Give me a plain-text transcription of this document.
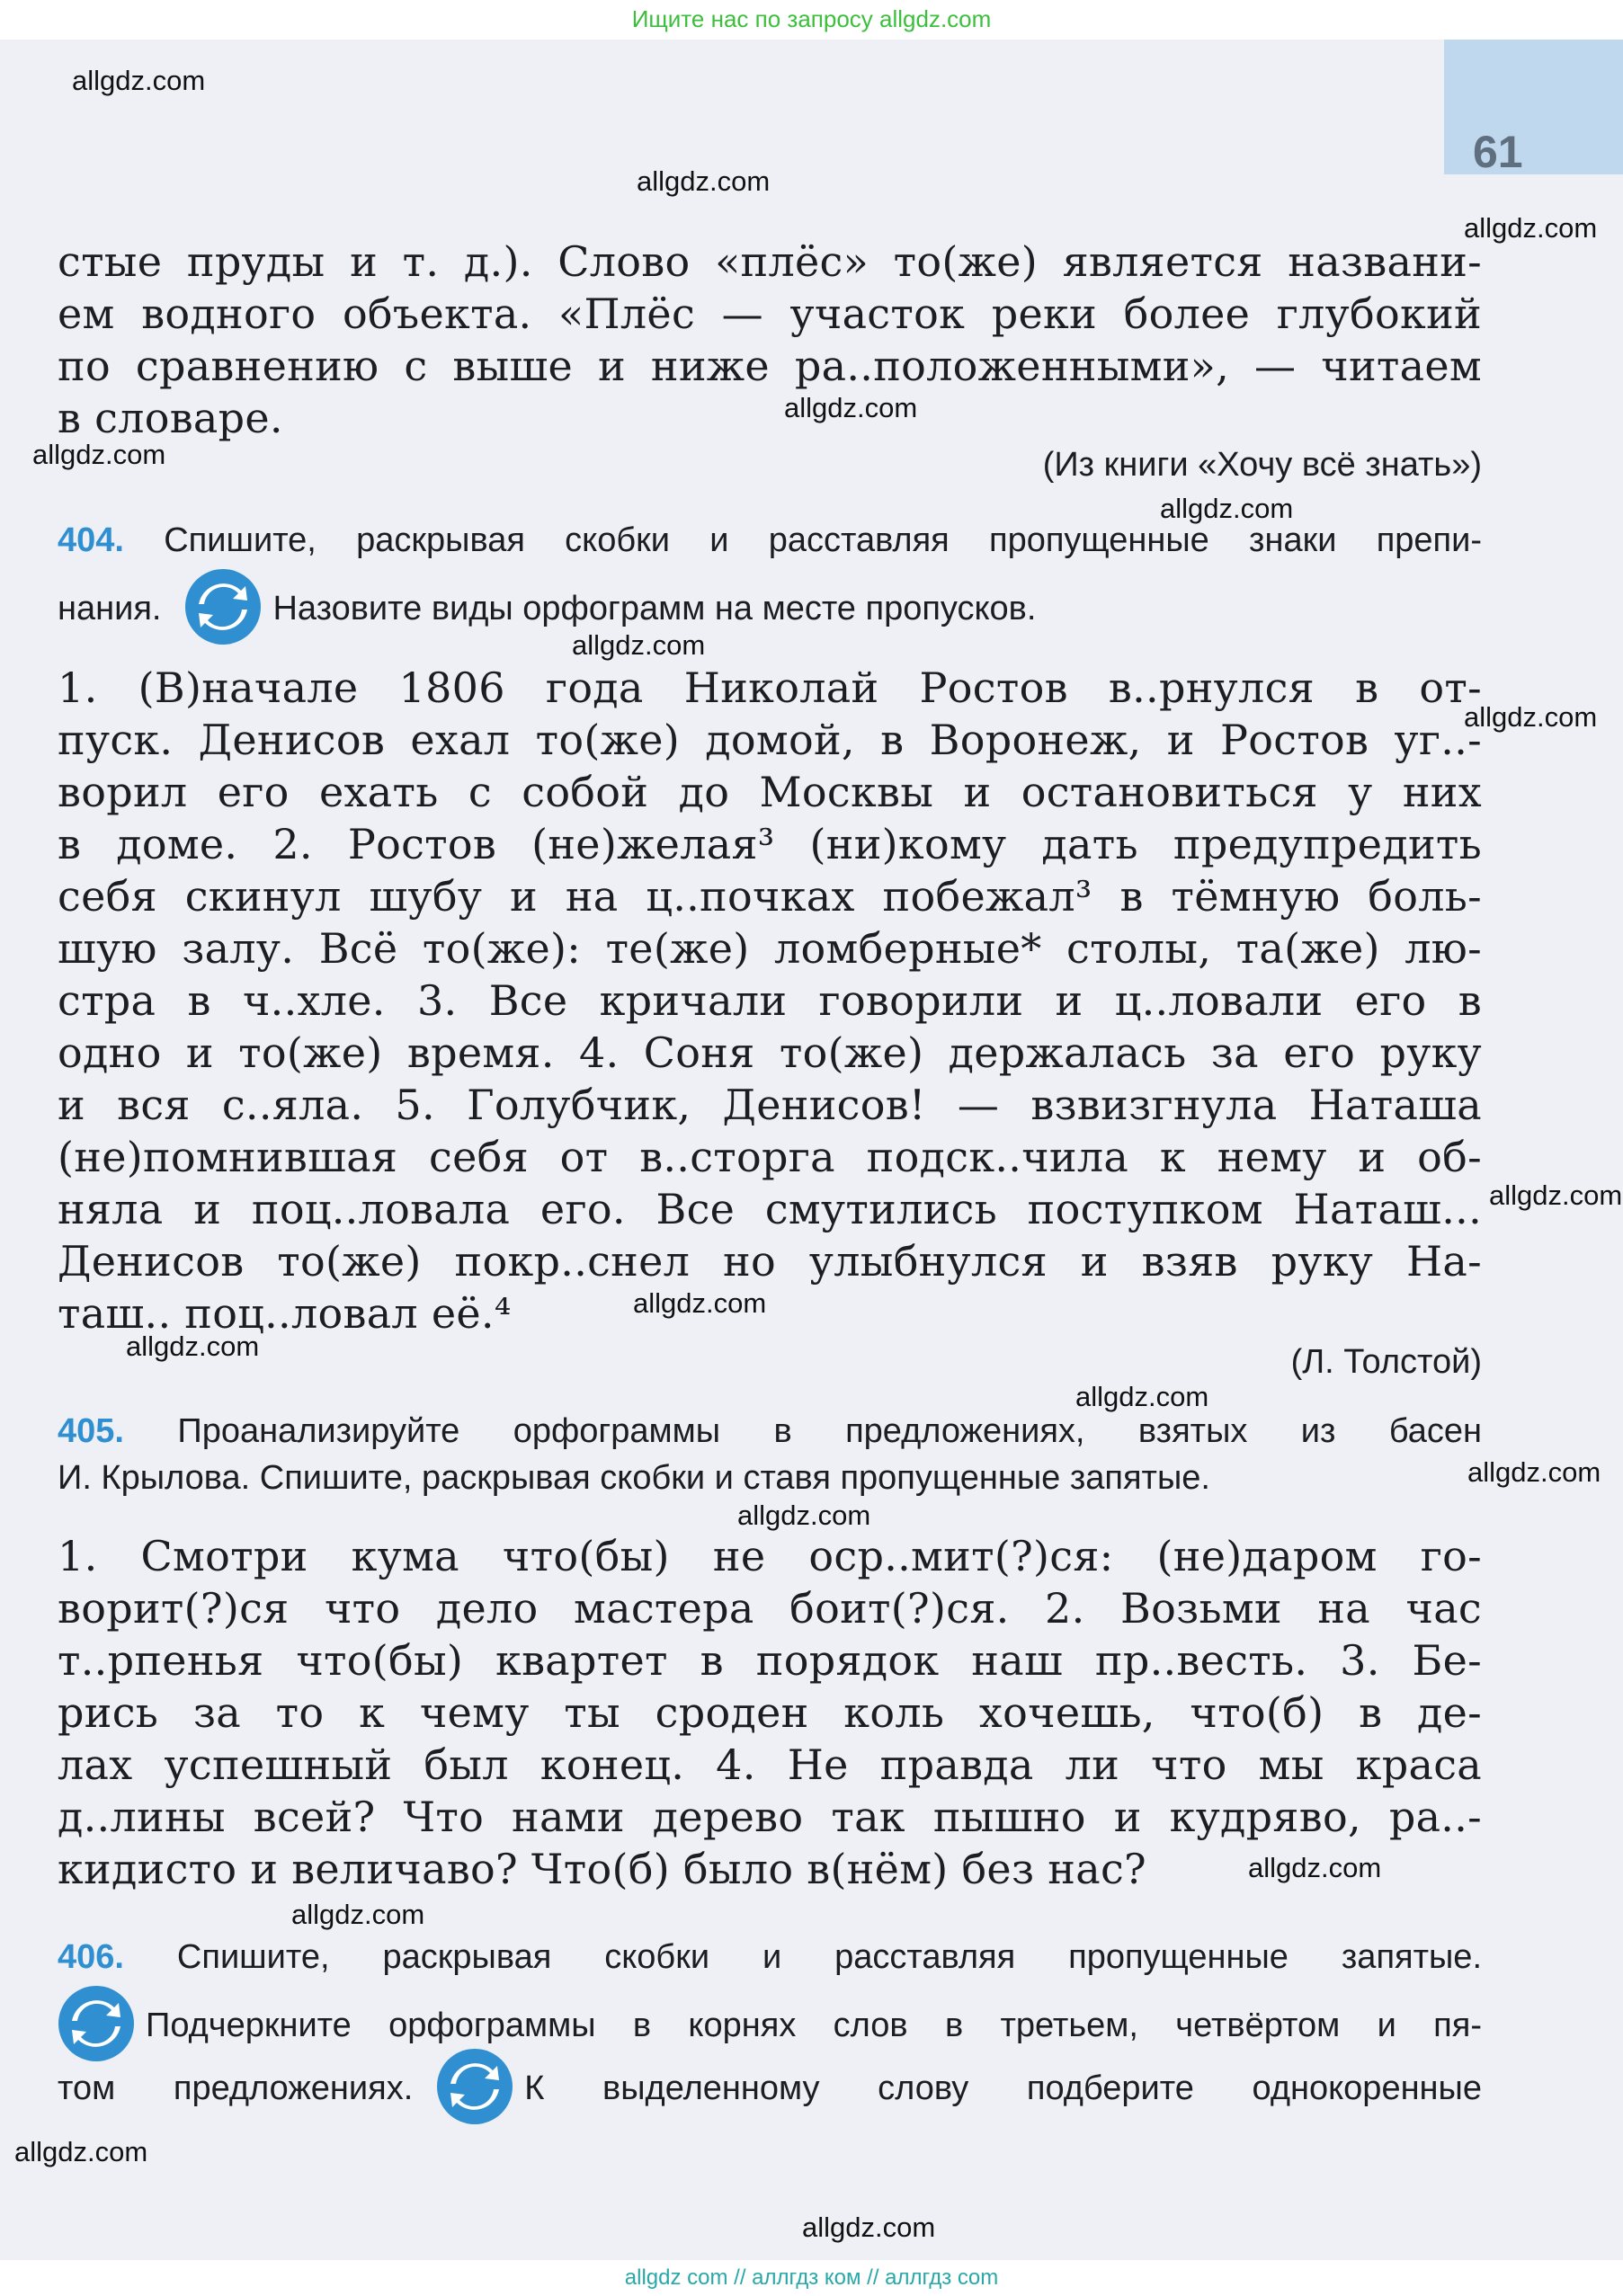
Ищите нас по запросу allgdz.com
61
allgdz.com
allgdz.com
allgdz.com
allgdz.com
allgdz.com
allgdz.com
allgdz.com
allgdz.com
allgdz.com
allgdz.com
allgdz.com
allgdz.com
allgdz.com
allgdz.com
allgdz.com
allgdz.com
allgdz.com
allgdz.com
стые пруды и т. д.). Слово «плёс» то(же) является названи-
ем водного объекта. «Плёс — участок реки более глубокий
по сравнению с выше и ниже ра..положенными», — читаем
в словаре.
(Из книги «Хочу всё знать»)
404. Спишите, раскрывая скобки и расставляя пропущенные знаки препи-
нания.	Назовите виды орфограмм на месте пропусков.
1. (В)начале 1806 года Николай Ростов в..рнулся в от-
пуск. Денисов ехал то(же) домой, в Воронеж, и Ростов уг..-
ворил его ехать с собой до Москвы и остановиться у них
в доме. 2. Ростов (не)желая³ (ни)кому дать предупредить
себя скинул шубу и на ц..почках побежал³ в тёмную боль-
шую залу. Всё то(же): те(же) ломберные* столы, та(же) лю-
стра в ч..хле. 3. Все кричали говорили и ц..ловали его в
одно и то(же) время. 4. Соня то(же) держалась за его руку
и вся с..яла. 5. Голубчик, Денисов! — взвизгнула Наташа
(не)помнившая себя от в..сторга подск..чила к нему и об-
няла и поц..ловала его. Все смутились поступком Наташ...
Денисов то(же) покр..снел но улыбнулся и взяв руку На-
таш.. поц..ловал её.⁴
(Л. Толстой)
405. Проанализируйте орфограммы в предложениях, взятых из басен
И. Крылова. Спишите, раскрывая скобки и ставя пропущенные запятые.
1. Смотри кума что(бы) не оср..мит(?)ся: (не)даром го-
ворит(?)ся что дело мастера боит(?)ся. 2. Возьми на час
т..рпенья что(бы) квартет в порядок наш пр..весть. 3. Бе-
рись за то к чему ты сроден коль хочешь, что(б) в де-
лах успешный был конец. 4. Не правда ли что мы краса
д..лины всей? Что нами дерево так пышно и кудряво, ра..-
кидисто и величаво? Что(б) было в(нём) без нас?
406. Спишите, раскрывая скобки и расставляя пропущенные запятые.
Подчеркните орфограммы в корнях слов в третьем, четвёртом и пя-
том предложениях.	К выделенному слову подберите однокоренные
allgdz com // аллгдз ком // аллгдз com
